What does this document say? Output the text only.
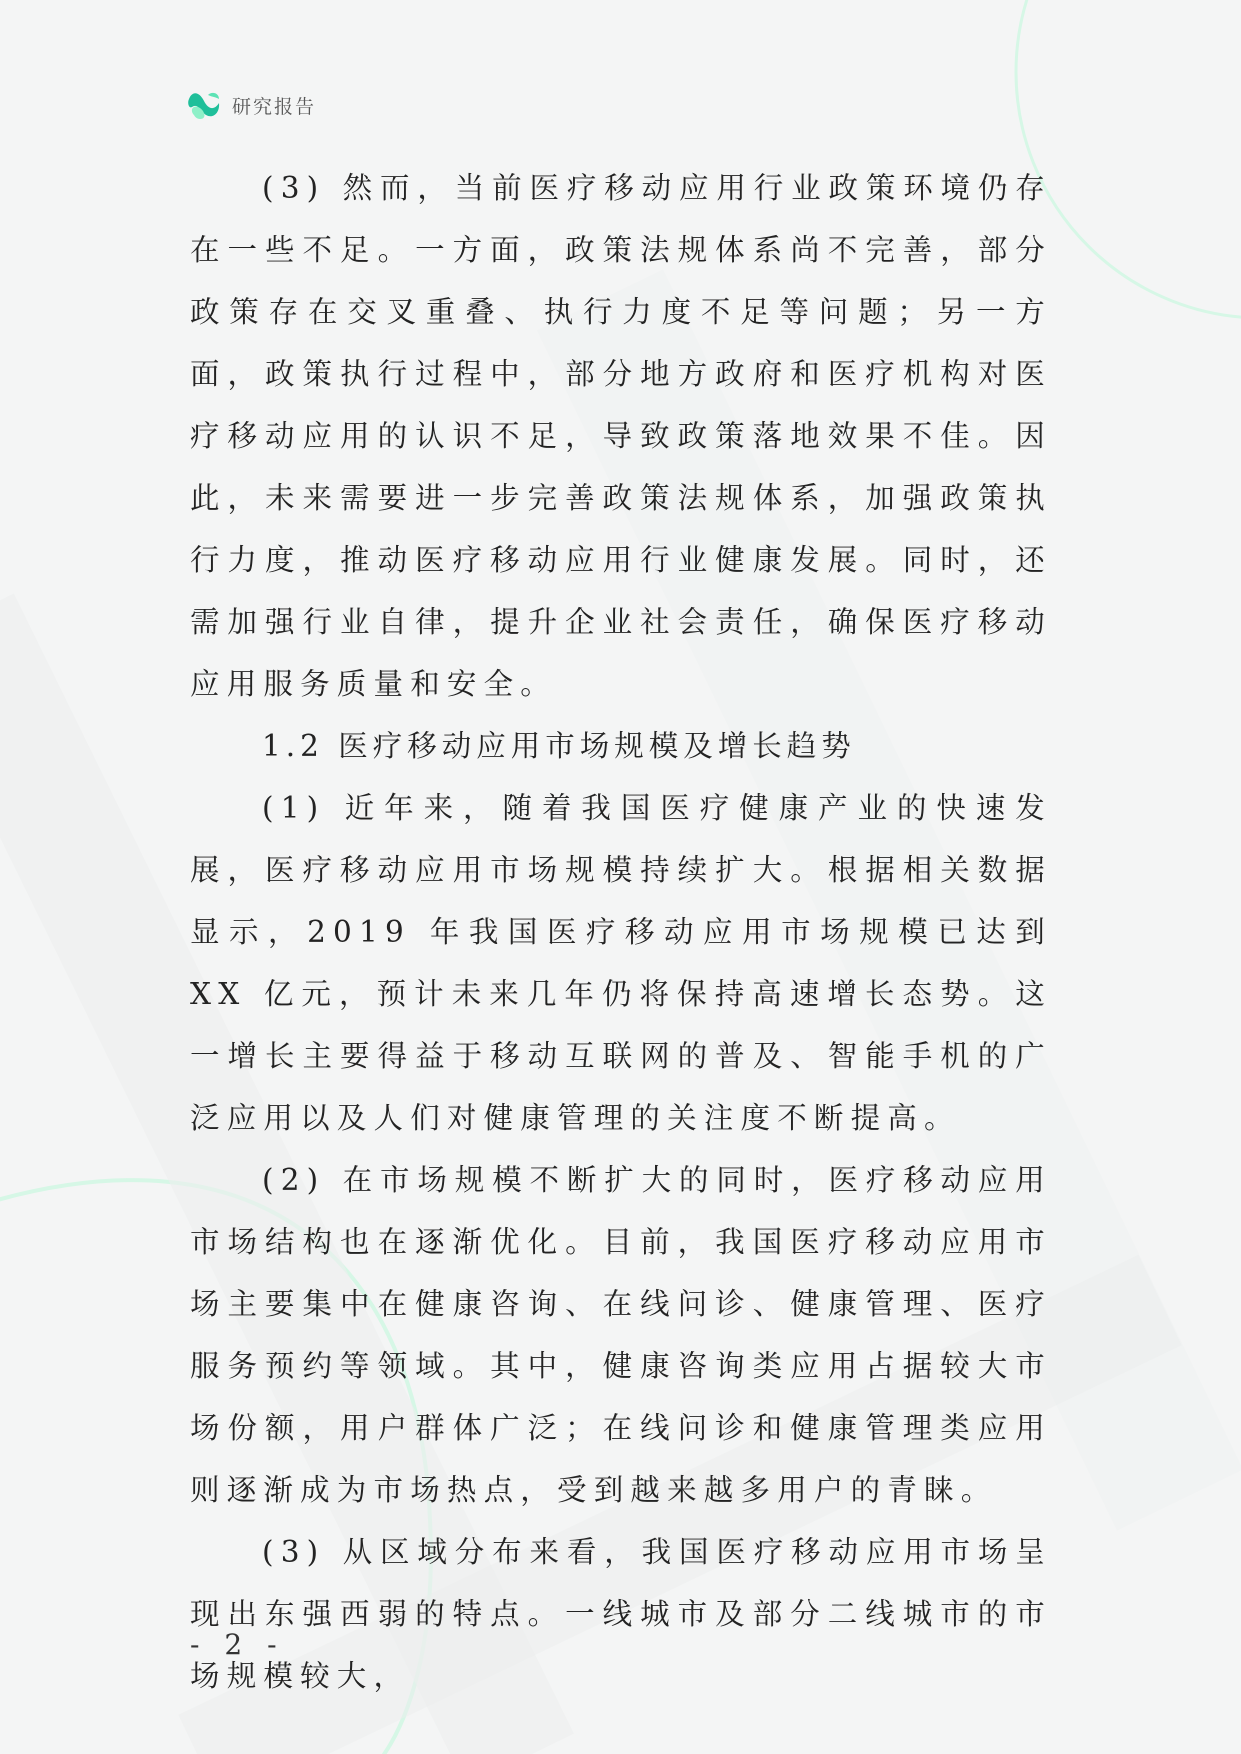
研究报告

(3) 然而，当前医疗移动应用行业政策环境仍存在一些不足。一方面，政策法规体系尚不完善，部分政策存在交叉重叠、执行力度不足等问题；另一方面，政策执行过程中，部分地方政府和医疗机构对医疗移动应用的认识不足，导致政策落地效果不佳。因此，未来需要进一步完善政策法规体系，加强政策执行力度，推动医疗移动应用行业健康发展。同时，还需加强行业自律，提升企业社会责任，确保医疗移动应用服务质量和安全。

1.2 医疗移动应用市场规模及增长趋势

(1) 近年来，随着我国医疗健康产业的快速发展，医疗移动应用市场规模持续扩大。根据相关数据显示，2019 年我国医疗移动应用市场规模已达到 XX 亿元，预计未来几年仍将保持高速增长态势。这一增长主要得益于移动互联网的普及、智能手机的广泛应用以及人们对健康管理的关注度不断提高。

(2) 在市场规模不断扩大的同时，医疗移动应用市场结构也在逐渐优化。目前，我国医疗移动应用市场主要集中在健康咨询、在线问诊、健康管理、医疗服务预约等领域。其中，健康咨询类应用占据较大市场份额，用户群体广泛；在线问诊和健康管理类应用则逐渐成为市场热点，受到越来越多用户的青睐。

(3) 从区域分布来看，我国医疗移动应用市场呈现出东强西弱的特点。一线城市及部分二线城市的市场规模较大，

- 2 -
